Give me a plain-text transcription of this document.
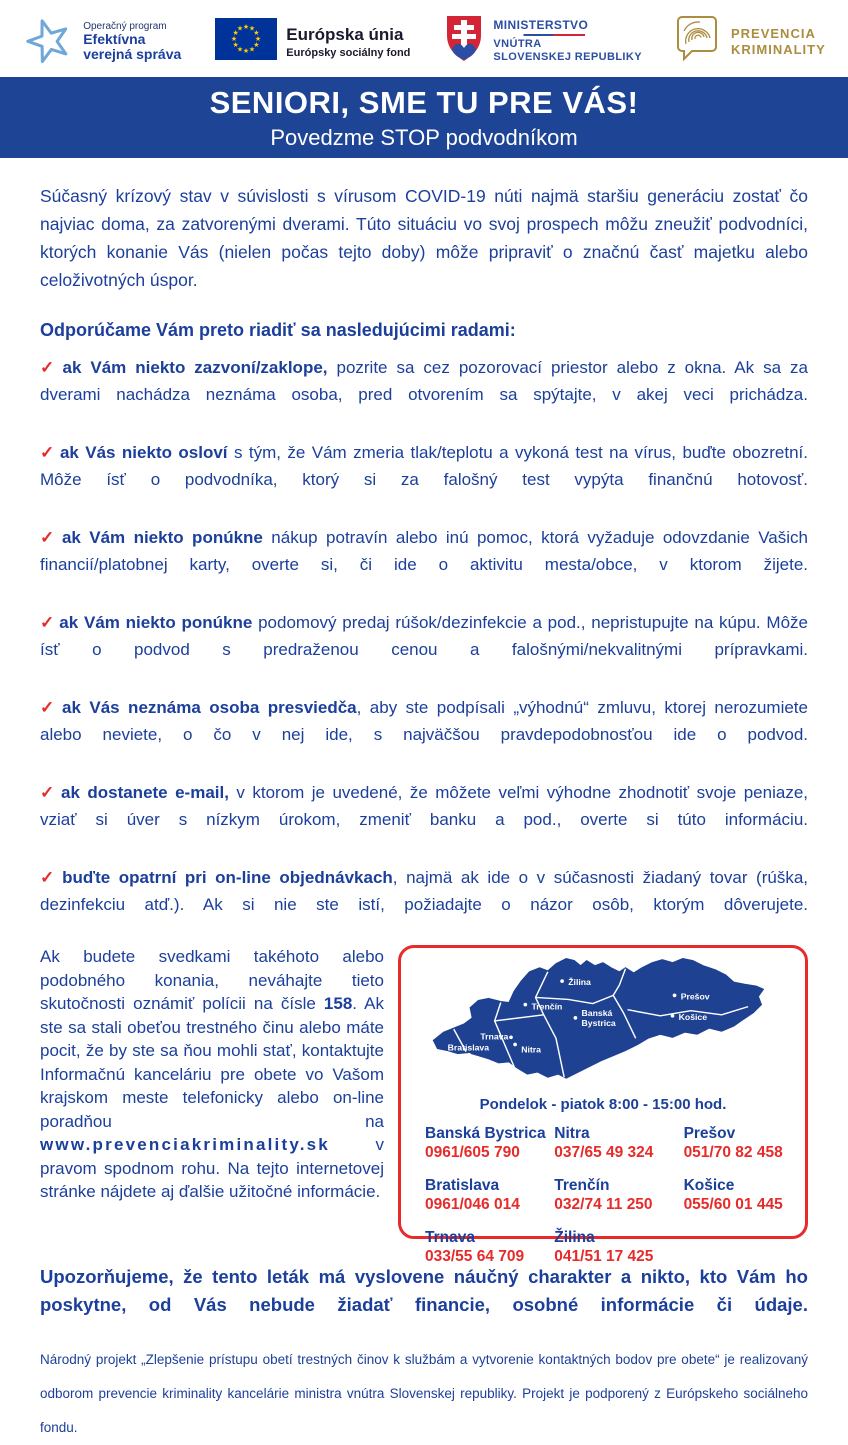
Operačný program
Efektívna
verejná správa
★ ★
★
★
★
★
★
★
★
★
★
★	Európska únia
Európsky sociálny fond
MINISTERSTVO
VNÚTRA
SLOVENSKEJ REPUBLIKY
PREVENCIA
KRIMINALITY
SENIORI, SME TU PRE VÁS!
Povedzme STOP podvodníkom

Súčasný krízový stav v súvislosti s vírusom COVID-19 núti najmä staršiu generáciu zostať čo najviac doma, za zatvorenými dverami. Túto situáciu vo svoj prospech môžu zneužiť podvodníci, ktorých konanie Vás (nielen počas tejto doby) môže pripraviť o značnú časť majetku alebo celoživotných úspor.

Odporúčame Vám preto riadiť sa nasledujúcimi radami:

✓ ak Vám niekto zazvoní/zaklope, pozrite sa cez pozorovací priestor alebo z okna. Ak sa za dverami nachádza neznáma osoba, pred otvorením sa spýtajte, v akej veci prichádza.

✓ ak Vás niekto osloví s tým, že Vám zmeria tlak/teplotu a vykoná test na vírus, buďte obozretní. Môže ísť o podvodníka, ktorý si za falošný test vypýta finančnú hotovosť.

✓ ak Vám niekto ponúkne nákup potravín alebo inú pomoc, ktorá vyžaduje odovzdanie Vašich financií/platobnej karty, overte si, či ide o aktivitu mesta/obce, v ktorom žijete.

✓ ak Vám niekto ponúkne podomový predaj rúšok/dezinfekcie a pod., nepristupujte na kúpu. Môže ísť o podvod s predraženou cenou a falošnými/nekvalitnými prípravkami.

✓ ak Vás neznáma osoba presviedča, aby ste podpísali „výhodnú“ zmluvu, ktorej nerozumiete alebo neviete, o čo v nej ide, s najväčšou pravdepodobnosťou ide o podvod.

✓ ak dostanete e-mail, v ktorom je uvedené, že môžete veľmi výhodne zhodnotiť svoje peniaze, vziať si úver s nízkym úrokom, zmeniť banku a pod., overte si túto informáciu.

✓ buďte opatrní pri on-line objednávkach, najmä ak ide o v súčasnosti žiadaný tovar (rúška, dezinfekciu atď.). Ak si nie ste istí, požiadajte o názor osôb, ktorým dôverujete.

Ak budete svedkami takéhoto alebo podobného konania, neváhajte tieto skutočnosti oznámiť polícii na čísle 158. Ak ste sa stali obeťou trestného činu alebo máte pocit, že by ste sa ňou mohli stať, kontaktujte Informačnú kanceláriu pre obete vo Vašom krajskom meste telefonicky alebo on-line poradňou na www.prevenciakriminality.sk v pravom spodnom rohu. Na tejto internetovej stránke nájdete aj ďalšie užitočné informácie.

Bratislava
Trnava
Nitra
Trenčín
Žilina
Banská
Bystrica
Prešov
Košice
Pondelok - piatok 8:00 - 15:00 hod.
Banská Bystrica
0961/605 790
Nitra
037/65 49 324
Prešov
051/70 82 458
Bratislava
0961/046 014
Trenčín
032/74 11 250
Košice
055/60 01 445
Trnava
033/55 64 709
Žilina
041/51 17 425

Upozorňujeme, že tento leták má vyslovene náučný charakter a nikto, kto Vám ho poskytne, od Vás nebude žiadať financie, osobné informácie či údaje.

Národný projekt „Zlepšenie prístupu obetí trestných činov k službám a vytvorenie kontaktných bodov pre obete“ je realizovaný odborom prevencie kriminality kancelárie ministra vnútra Slovenskej republiky. Projekt je podporený z Európskeho sociálneho fondu.
